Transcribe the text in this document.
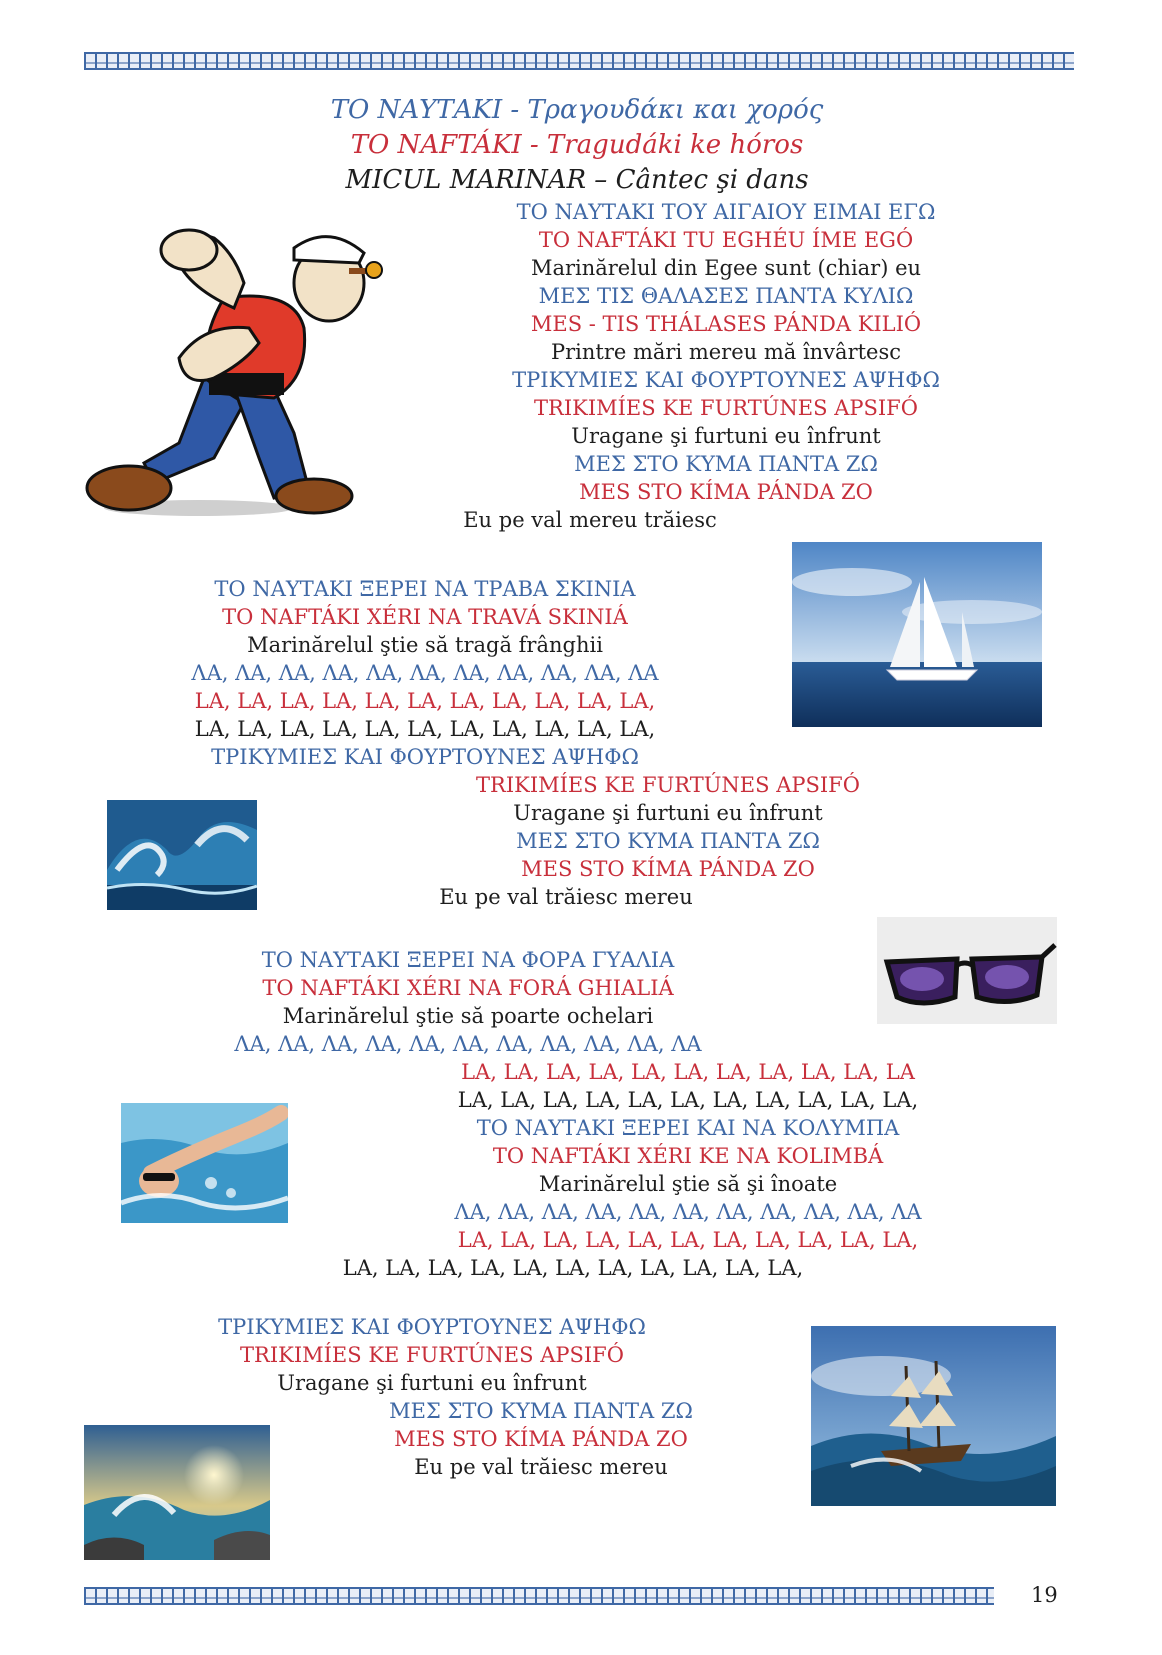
ΤΟ ΝΑΥΤΑΚΙ - Τραγουδάκι και χορός
TO NAFTÁKI - Tragudáki ke hóros
MICUL MARINAR – Cântec şi dans
ΤΟ ΝΑΥΤΑΚΙ ΤΟΥ ΑΙΓΑΙΟΥ ΕΙΜΑΙ ΕΓΩ
TO NAFTÁKI TU EGHÉU ÍME EGÓ
Marinărelul din Egee sunt (chiar) eu
ΜΕΣ ΤΙΣ ΘΑΛΑΣΕΣ ΠΑΝΤΑ ΚΥΛΙΩ
MES - TIS THÁLASES PÁNDA KILIÓ
Printre mări mereu mă învârtesc
ΤΡΙΚΥΜΙΕΣ ΚΑΙ ΦΟΥΡΤΟΥΝΕΣ ΑΨΗΦΩ
TRIKIMÍES KE FURTÚNES APSIFÓ
Uragane şi furtuni eu înfrunt
ΜΕΣ ΣΤΟ ΚΥΜΑ ΠΑΝΤΑ ΖΩ
MES STO KÍMA PÁNDA ZO
Eu pe val mereu trăiesc
ΤΟ ΝΑΥΤΑΚΙ ΞΕΡΕΙ ΝΑ ΤΡΑΒΑ ΣΚΙΝΙΑ
TO NAFTÁKI XÉRI NA TRAVÁ SKINIÁ
Marinărelul ştie să tragă frânghii
ΛΑ, ΛΑ, ΛΑ, ΛΑ, ΛΑ, ΛΑ, ΛΑ, ΛΑ, ΛΑ, ΛΑ, ΛΑ
LA, LA, LA, LA, LA, LA, LA, LA, LA, LA, LA,
LA, LA, LA, LA, LA, LA, LA, LA, LA, LA, LA,
ΤΡΙΚΥΜΙΕΣ ΚΑΙ ΦΟΥΡΤΟΥΝΕΣ ΑΨΗΦΩ
TRIKIMÍES KE FURTÚNES APSIFÓ
Uragane şi furtuni eu înfrunt
ΜΕΣ ΣΤΟ ΚΥΜΑ ΠΑΝΤΑ ΖΩ
MES STO KÍMA PÁNDA ZO
Eu pe val trăiesc mereu
ΤΟ ΝΑΥΤΑΚΙ ΞΕΡΕΙ ΝΑ ΦΟΡΑ ΓΥΑΛΙΑ
TO NAFTÁKI XÉRI NA FORÁ GHIALIÁ
Marinărelul ştie să poarte ochelari
ΛΑ, ΛΑ, ΛΑ, ΛΑ, ΛΑ, ΛΑ, ΛΑ, ΛΑ, ΛΑ, ΛΑ, ΛΑ
LA, LA, LA, LA, LA, LA, LA, LA, LA, LA, LA
LA, LA, LA, LA, LA, LA, LA, LA, LA, LA, LA,
ΤΟ ΝΑΥΤΑΚΙ ΞΕΡΕΙ ΚΑΙ ΝΑ ΚΟΛΥΜΠΑ
TO NAFTÁKI XÉRI KE NA KOLIMBÁ
Marinărelul ştie să şi înoate
ΛΑ, ΛΑ, ΛΑ, ΛΑ, ΛΑ, ΛΑ, ΛΑ, ΛΑ, ΛΑ, ΛΑ, ΛΑ
LA, LA, LA, LA, LA, LA, LA, LA, LA, LA, LA,
LA, LA, LA, LA, LA, LA, LA, LA, LA, LA, LA,
ΤΡΙΚΥΜΙΕΣ ΚΑΙ ΦΟΥΡΤΟΥΝΕΣ ΑΨΗΦΩ
TRIKIMÍES KE FURTÚNES APSIFÓ
Uragane şi furtuni eu înfrunt
ΜΕΣ ΣΤΟ ΚΥΜΑ ΠΑΝΤΑ ΖΩ
MES STO KÍMA PÁNDA ZO
Eu pe val trăiesc mereu
19
